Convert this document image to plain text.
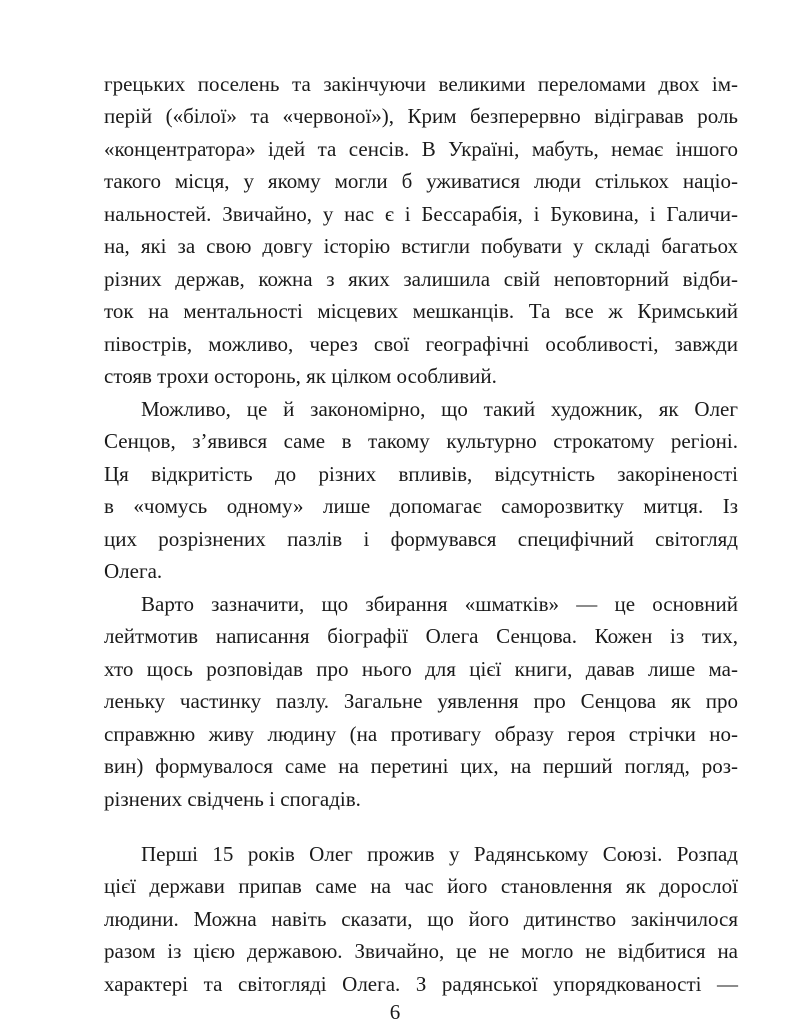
грецьких поселень та закінчуючи великими переломами двох ім-
перій («білої» та «червоної»), Крим безперервно відігравав роль
«концентратора» ідей та сенсів. В Україні, мабуть, немає іншого
такого місця, у якому могли б уживатися люди стількох націо-
нальностей. Звичайно, у нас є і Бессарабія, і Буковина, і Галичи-
на, які за свою довгу історію встигли побувати у складі багатьох
різних держав, кожна з яких залишила свій неповторний відби-
ток на ментальності місцевих мешканців. Та все ж Кримський
півострів, можливо, через свої географічні особливості, завжди
стояв трохи осторонь, як цілком особливий.
Можливо, це й закономірно, що такий художник, як Олег
Сенцов, з’явився саме в такому культурно строкатому регіоні.
Ця відкритість до різних впливів, відсутність закоріненості
в «чомусь одному» лише допомагає саморозвитку митця. Із
цих розрізнених пазлів і формувався специфічний світогляд
Олега.
Варто зазначити, що збирання «шматків» — це основний
лейтмотив написання біографії Олега Сенцова. Кожен із тих,
хто щось розповідав про нього для цієї книги, давав лише ма-
леньку частинку пазлу. Загальне уявлення про Сенцова як про
справжню живу людину (на противагу образу героя стрічки но-
вин) формувалося саме на перетині цих, на перший погляд, роз-
різнених свідчень і спогадів.
Перші 15 років Олег прожив у Радянському Союзі. Розпад
цієї держави припав саме на час його становлення як дорослої
людини. Можна навіть сказати, що його дитинство закінчилося
разом із цією державою. Звичайно, це не могло не відбитися на
характері та світогляді Олега. З радянської упорядкованості —
6
